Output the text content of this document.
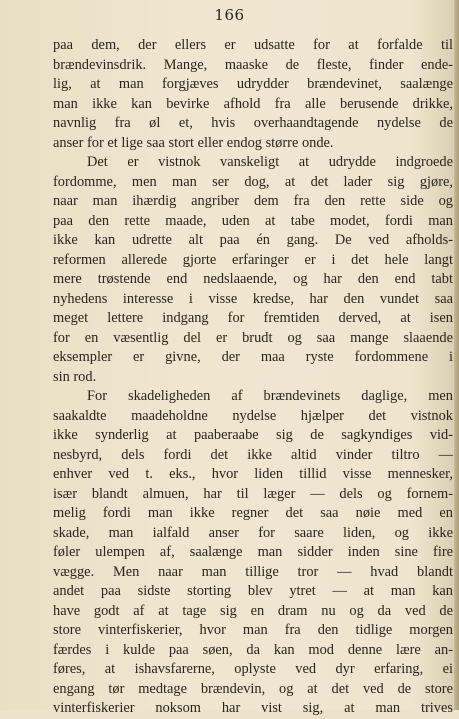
166
paa dem, der ellers er udsatte for at forfalde til
brændevinsdrik. Mange, maaske de fleste, finder ende-
lig, at man forgjæves udrydder brændevinet, saalænge
man ikke kan bevirke afhold fra alle berusende drikke,
navnlig fra øl et, hvis overhaandtagende nydelse de
anser for et lige saa stort eller endog større onde.
Det er vistnok vanskeligt at udrydde indgroede
fordomme, men man ser dog, at det lader sig gjøre,
naar man ihærdig angriber dem fra den rette side og
paa den rette maade, uden at tabe modet, fordi man
ikke kan udrette alt paa én gang. De ved afholds-
reformen allerede gjorte erfaringer er i det hele langt
mere trøstende end nedslaaende, og har den end tabt
nyhedens interesse i visse kredse, har den vundet saa
meget lettere indgang for fremtiden derved, at isen
for en væsentlig del er brudt og saa mange slaaende
eksempler er givne, der maa ryste fordommene i
sin rod.
For skadeligheden af brændevinets daglige, men
saakaldte maadeholdne nydelse hjælper det vistnok
ikke synderlig at paaberaabe sig de sagkyndiges vid-
nesbyrd, dels fordi det ikke altid vinder tiltro —
enhver ved t. eks., hvor liden tillid visse mennesker,
især blandt almuen, har til læger — dels og fornem-
melig fordi man ikke regner det saa nøie med en
skade, man ialfald anser for saare liden, og ikke
føler ulempen af, saalænge man sidder inden sine fire
vægge. Men naar man tillige tror — hvad blandt
andet paa sidste storting blev ytret — at man kan
have godt af at tage sig en dram nu og da ved de
store vinterfiskerier, hvor man fra den tidlige morgen
færdes i kulde paa søen, da kan mod denne lære an-
føres, at ishavsfarerne, oplyste ved dyr erfaring, ei
engang tør medtage brændevin, og at det ved de store
vinterfiskerier noksom har vist sig, at man trives
